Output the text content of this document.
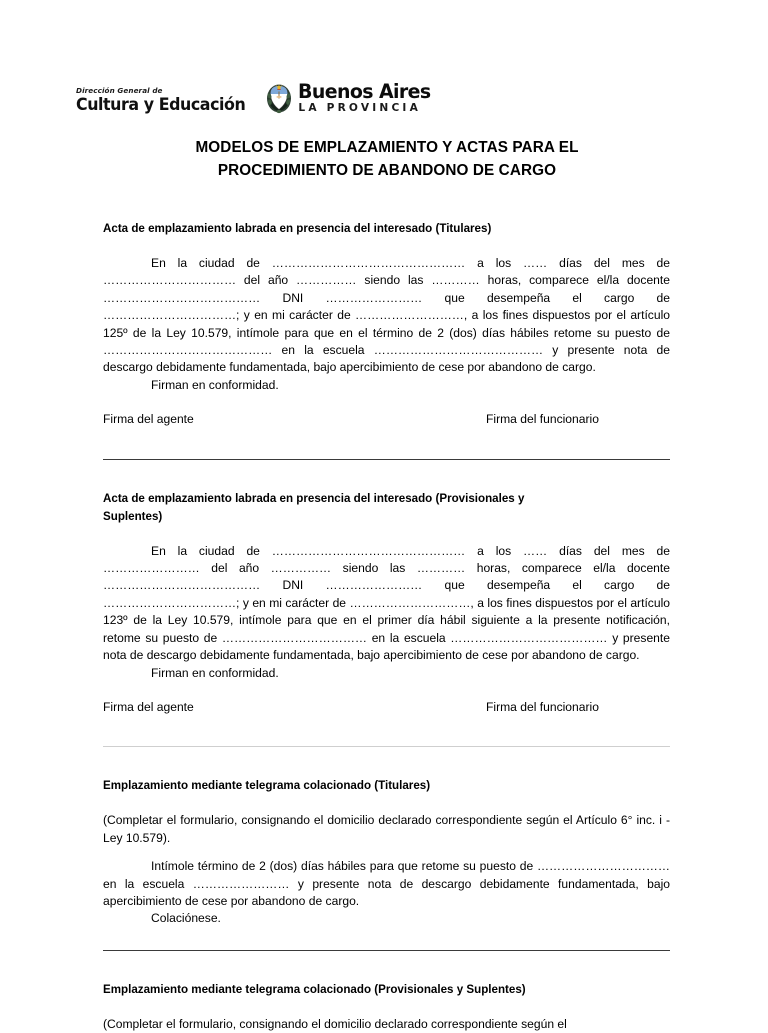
Dirección General de
Cultura y Educación
Buenos Aires
LA PROVINCIA
MODELOS DE EMPLAZAMIENTO Y ACTAS PARA EL
PROCEDIMIENTO DE ABANDONO DE CARGO

Acta de emplazamiento labrada en presencia del interesado (Titulares)

En la ciudad de ………………………………………… a los …… días del mes de …………………………… del año …………… siendo las ………… horas, comparece el/la docente ………………………………… DNI …………………… que desempeña el cargo de ……………………………; y en mi carácter de ………………………, a los fines dispuestos por el artículo 125º de la Ley 10.579, intímole para que en el término de 2 (dos) días hábiles retome su puesto de …………………………………… en la escuela …………………………………… y presente nota de descargo debidamente fundamentada, bajo apercibimiento de cese por abandono de cargo.

Firman en conformidad.

Firma del agente	Firma del funcionario

Acta de emplazamiento labrada en presencia del interesado (Provisionales y

Suplentes)

En la ciudad de ………………………………………… a los …… días del mes de …………………… del año …………… siendo las ………… horas, comparece el/la docente ………………………………… DNI …………………… que desempeña el cargo de ……………………………; y en mi carácter de …………………………, a los fines dispuestos por el artículo 123º de la Ley 10.579, intímole para que en el primer día hábil siguiente a la presente notificación, retome su puesto de ……………………………… en la escuela ………………………………… y presente nota de descargo debidamente fundamentada, bajo apercibimiento de cese por abandono de cargo.

Firman en conformidad.

Firma del agente	Firma del funcionario

Emplazamiento mediante telegrama colacionado (Titulares)

(Completar el formulario, consignando el domicilio declarado correspondiente según el Artículo 6° inc. i - Ley 10.579).

Intímole término de 2 (dos) días hábiles para que retome su puesto de …………………………… en la escuela …………………… y presente nota de descargo debidamente fundamentada, bajo apercibimiento de cese por abandono de cargo.

Colaciónese.

Emplazamiento mediante telegrama colacionado (Provisionales y Suplentes)

(Completar el formulario, consignando el domicilio declarado correspondiente según el
